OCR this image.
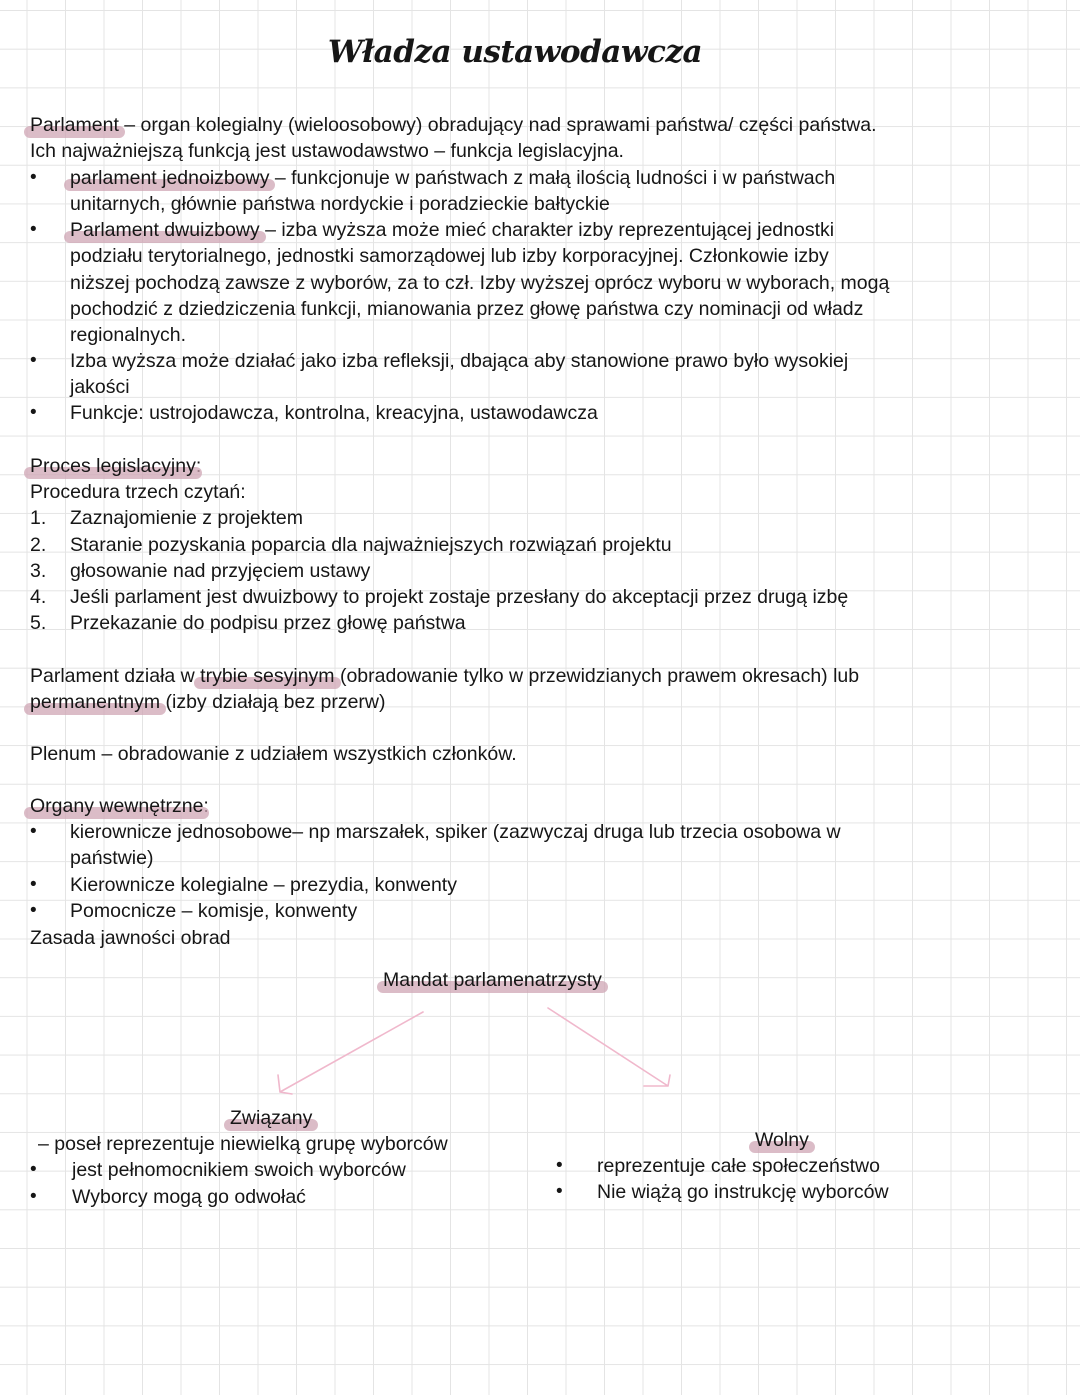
Władza ustawodawcza
Parlament – organ kolegialny (wieloosobowy) obradujący nad sprawami państwa/ części państwa.
Ich najważniejszą funkcją jest ustawodawstwo – funkcja legislacyjna.
• parlament jednoizbowy – funkcjonuje w państwach z małą ilością ludności i w państwach
unitarnych, głównie państwa nordyckie i poradzieckie bałtyckie
• Parlament dwuizbowy – izba wyższa może mieć charakter izby reprezentującej jednostki
podziału terytorialnego, jednostki samorządowej lub izby korporacyjnej. Członkowie izby
niższej pochodzą zawsze z wyborów, za to czł. Izby wyższej oprócz wyboru w wyborach, mogą
pochodzić z dziedziczenia funkcji, mianowania przez głowę państwa czy nominacji od władz
regionalnych.
• Izba wyższa może działać jako izba refleksji, dbająca aby stanowione prawo było wysokiej
jakości
• Funkcje: ustrojodawcza, kontrolna, kreacyjna, ustawodawcza
Proces legislacyjny:
Procedura trzech czytań:
1. Zaznajomienie z projektem
2. Staranie pozyskania poparcia dla najważniejszych rozwiązań projektu
3. głosowanie nad przyjęciem ustawy
4. Jeśli parlament jest dwuizbowy to projekt zostaje przesłany do akceptacji przez drugą izbę
5. Przekazanie do podpisu przez głowę państwa
Parlament działa w trybie sesyjnym (obradowanie tylko w przewidzianych prawem okresach) lub
permanentnym (izby działają bez przerw)
Plenum – obradowanie z udziałem wszystkich członków.
Organy wewnętrzne:
• kierownicze jednosobowe– np marszałek, spiker (zazwyczaj druga lub trzecia osobowa w
państwie)
• Kierownicze kolegialne – prezydia, konwenty
• Pomocnicze – komisje, konwenty
Zasada jawności obrad
Mandat parlamenatrzysty
Związany
– poseł reprezentuje niewielką grupę wyborców
• jest pełnomocnikiem swoich wyborców
• Wyborcy mogą go odwołać
Wolny
• reprezentuje całe społeczeństwo
• Nie wiążą go instrukcję wyborców
